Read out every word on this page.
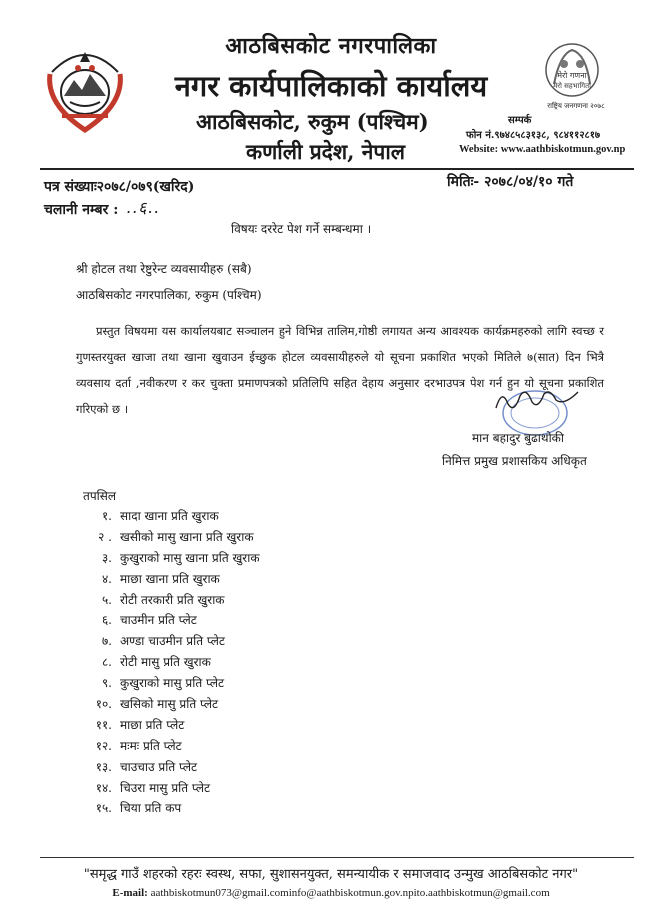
मेरो गणना
मेरो सहभागिता
राष्ट्रिय जनगणना २०७८
आठबिसकोट नगरपालिका
नगर कार्यपालिकाको कार्यालय
आठबिसकोट, रुकुम (पश्चिम)
कर्णाली प्रदेश, नेपाल
सम्पर्क
फोन नं.९७४८५८३१३८, ९८४११२८१७
Website: www.aathbiskotmun.gov.np
पत्र संख्याः२०७८/०७९(खरिद)
चलानी नम्बर : ..६..
मितिः- २०७८/०४/१० गते
विषयः दररेट पेश गर्ने सम्बन्धमा ।
श्री होटल तथा रेष्टुरेन्ट व्यवसायीहरु (सबै)
आठबिसकोट नगरपालिका, रुकुम (पश्चिम)
प्रस्तुत विषयमा यस कार्यालयबाट सञ्चालन हुने विभिन्न तालिम,गोष्ठी लगायत अन्य आवश्यक कार्यक्रमहरुको लागि स्वच्छ र गुणस्तरयुक्त खाजा तथा खाना खुवाउन ईच्छुक होटल व्यवसायीहरुले यो सूचना प्रकाशित भएको मितिले ७(सात) दिन भित्रै व्यवसाय दर्ता ,नवीकरण र कर चुक्ता प्रमाणपत्रको प्रतिलिपि सहित देहाय अनुसार दरभाउपत्र पेश गर्न हुन यो सूचना प्रकाशित गरिएको छ ।
मान बहादुर बुढाथोकी
निमित्त प्रमुख प्रशासकिय अधिकृत
तपसिल
१. सादा खाना प्रति खुराक
२ . खसीको मासु खाना प्रति खुराक
३. कुखुराको मासु खाना प्रति खुराक
४. माछा खाना प्रति खुराक
५. रोटी तरकारी प्रति खुराक
६. चाउमीन प्रति प्लेट
७. अण्डा चाउमीन प्रति प्लेट
८. रोटी मासु प्रति खुराक
९. कुखुराको मासु प्रति प्लेट
१०. खसिको मासु प्रति प्लेट
११. माछा प्रति प्लेट
१२. मःमः प्रति प्लेट
१३. चाउचाउ प्रति प्लेट
१४. चिउरा मासु प्रति प्लेट
१५. चिया प्रति कप
"समृद्ध गाउँ शहरको रहरः स्वस्थ, सफा, सुशासनयुक्त, समन्यायीक र समाजवाद उन्मुख आठबिसकोट नगर"
E-mail: aathbiskotmun073@gmail.cominfo@aathbiskotmun.gov.npito.aathbiskotmun@gmail.com
